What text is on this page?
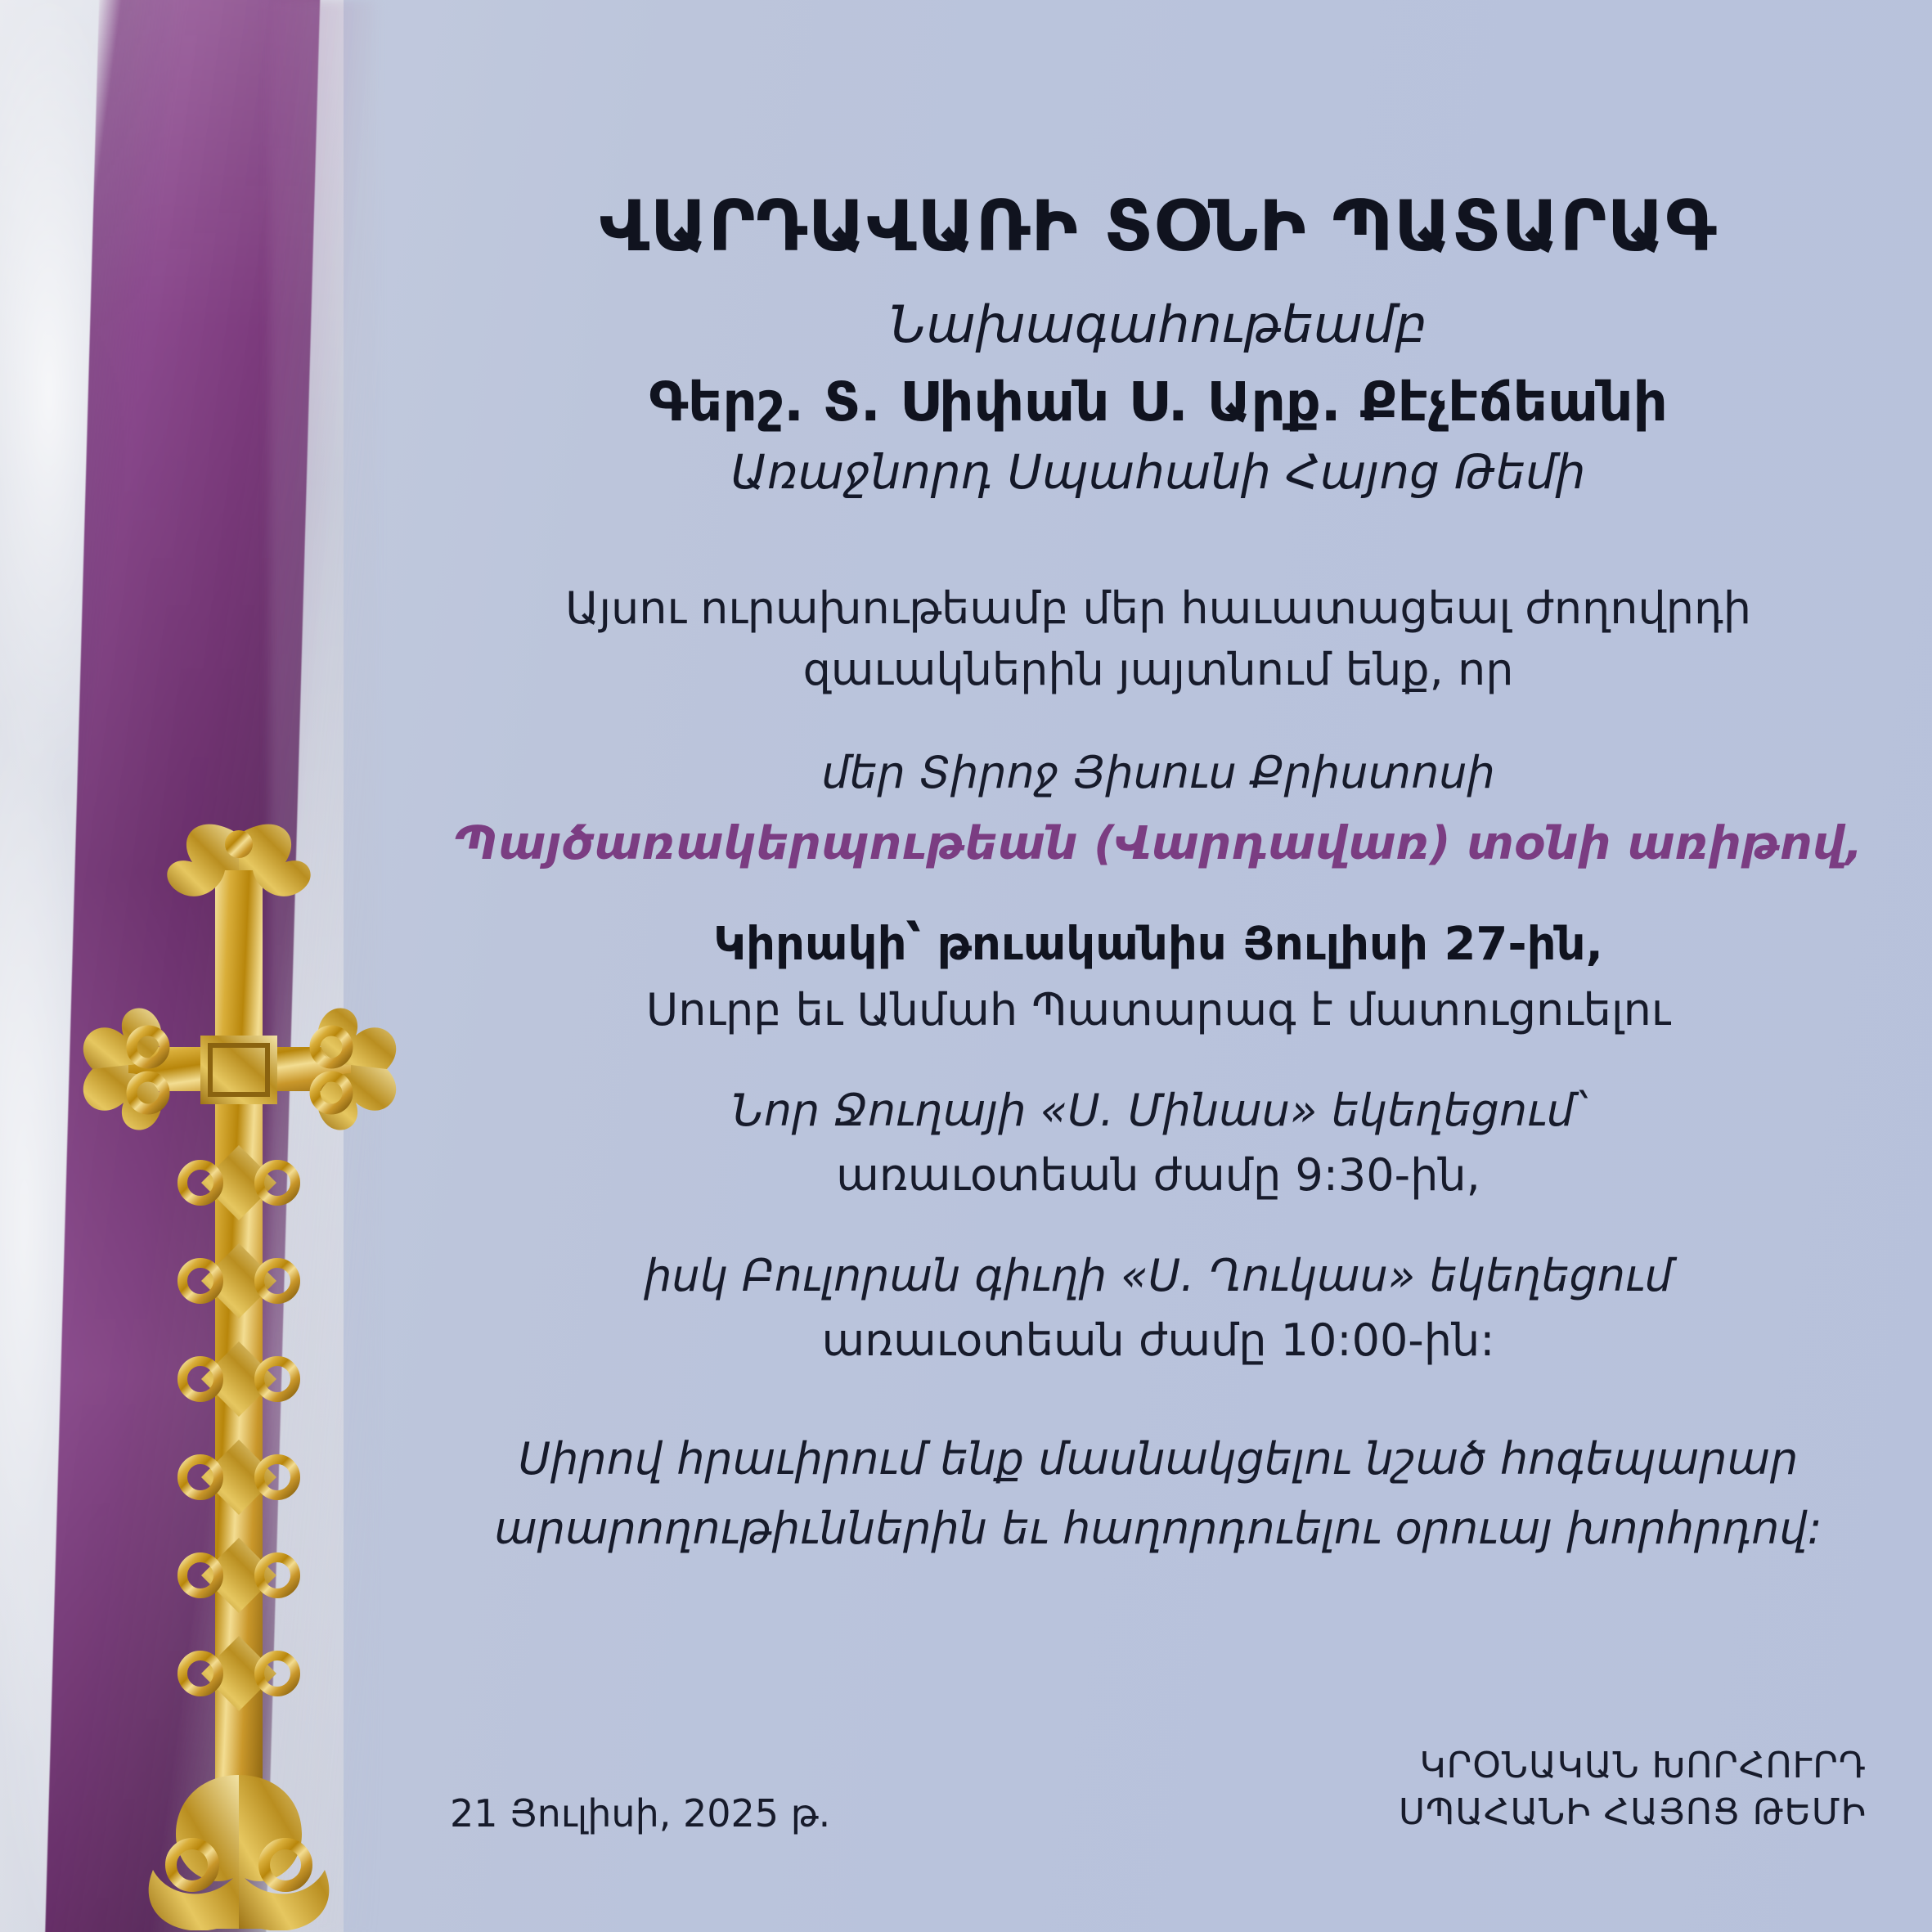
ՎԱՐԴԱՎԱՌԻ ՏՕՆԻ ՊԱՏԱՐԱԳ
Նախագահութեամբ
Գերշ. Տ. Սիփան Ս. Արք. Քէչէճեանի
Առաջնորդ Սպահանի Հայոց Թեմի

Այսու ուրախութեամբ մեր հաւատացեալ ժողովրդի

զաւակներին յայտնում ենք, որ

մեր Տիրոջ Յիսուս Քրիստոսի

Պայծառակերպութեան (Վարդավառ) տօնի առիթով,

Կիրակի՝ թուականիս Յուլիսի 27-ին,

Սուրբ եւ Անմահ Պատարագ է մատուցուելու

Նոր Ջուղայի «Ս. Մինաս» եկեղեցում՝

առաւօտեան ժամը 9:30-ին,

իսկ Բուլորան գիւղի «Ս. Ղուկաս» եկեղեցում

առաւօտեան ժամը 10:00-ին:

Սիրով հրաւիրում ենք մասնակցելու նշած հոգեպարար

արարողութիւններին եւ հաղորդուելու օրուայ խորհրդով:

21 Յուլիսի, 2025 թ.
ԿՐՕՆԱԿԱՆ ԽՈՐՀՈՒՐԴ
ՍՊԱՀԱՆԻ ՀԱՅՈՑ ԹԵՄԻ
